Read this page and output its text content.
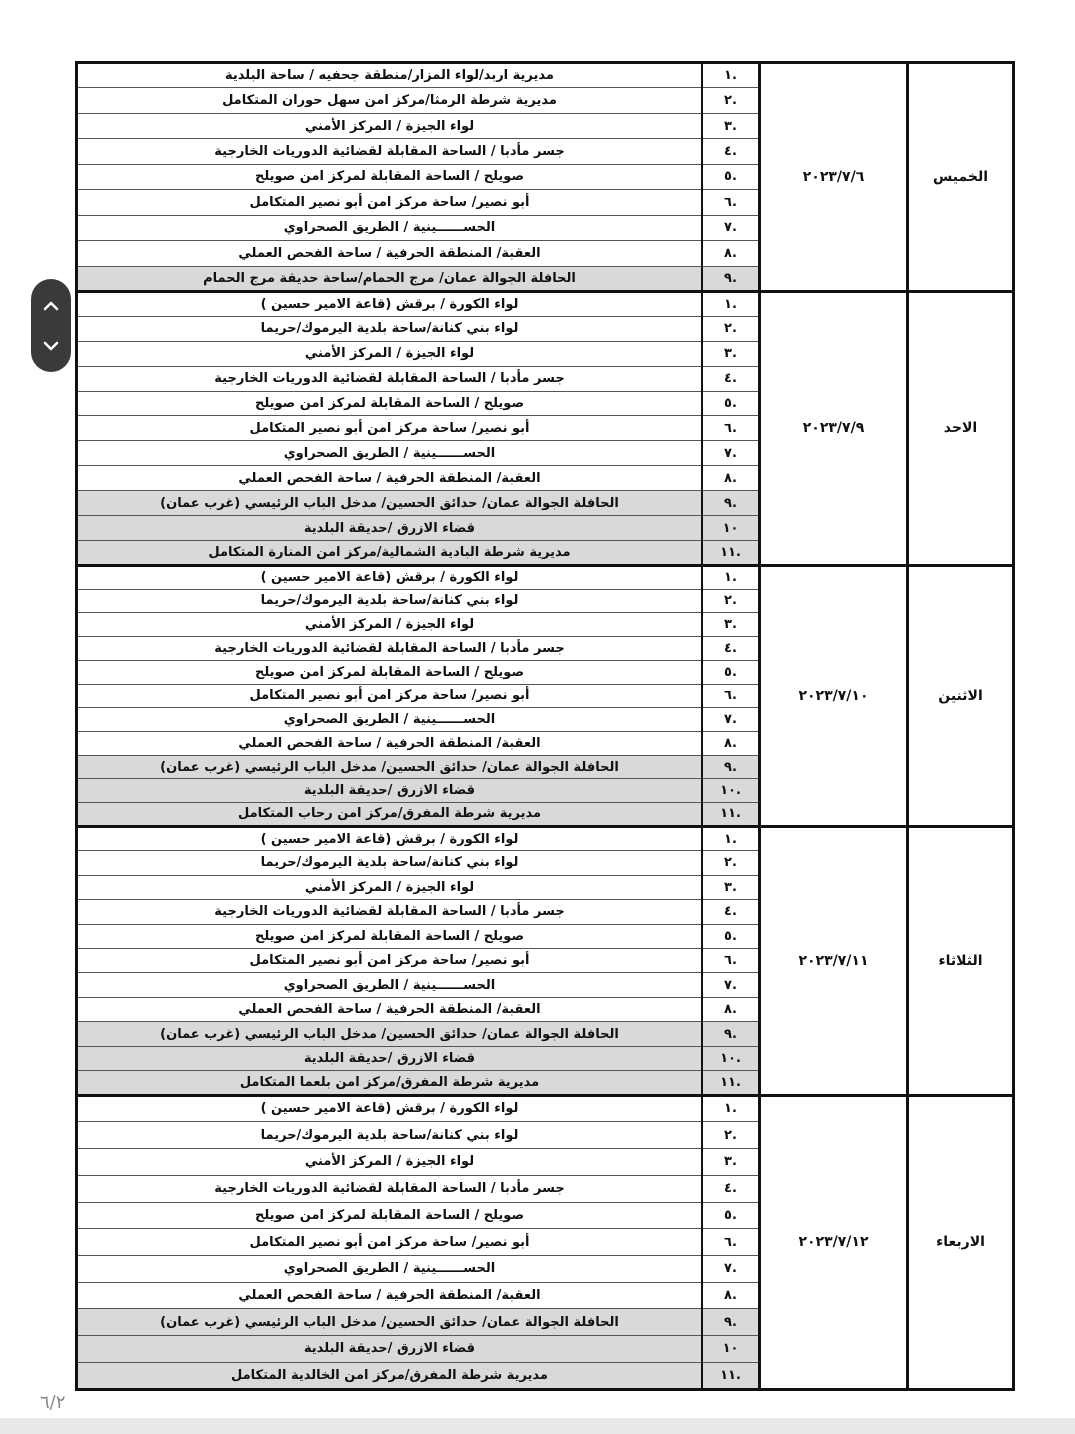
الخميس	٢٠٢٣/٧/٦	.١	مديرية اربد/لواء المزار/منطقة جحفيه / ساحة البلدية
		.٢	مديرية شرطة الرمثا/مركز امن سهل حوران المتكامل
		.٣	لواء الجيزة / المركز الأمني
		.٤	جسر مأدبا / الساحة المقابلة لقضائية الدوريات الخارجية
		.٥	صويلح / الساحة المقابلة لمركز امن صويلح
		.٦	أبو نصير/ ساحة مركز امن أبو نصير المتكامل
		.٧	الحســــــينية / الطريق الصحراوي
		.٨	العقبة/ المنطقة الحرفية / ساحة الفحص العملي
		.٩	الحافلة الجوالة عمان/ مرج الحمام/ساحة حديقة مرج الحمام
الاحد	٢٠٢٣/٧/٩	.١	لواء الكورة / برقش (قاعة الامير حسين )
		.٢	لواء بني كنانة/ساحة بلدية اليرموك/حريما
		.٣	لواء الجيزة / المركز الأمني
		.٤	جسر مأدبا / الساحة المقابلة لقضائية الدوريات الخارجية
		.٥	صويلح / الساحة المقابلة لمركز امن صويلح
		.٦	أبو نصير/ ساحة مركز امن أبو نصير المتكامل
		.٧	الحســــــينية / الطريق الصحراوي
		.٨	العقبة/ المنطقة الحرفية / ساحة الفحص العملي
		.٩	الحافلة الجوالة عمان/ حدائق الحسين/ مدخل الباب الرئيسي (غرب عمان)
		١٠	قضاء الازرق /حديقة البلدية
		.١١	مديرية شرطة البادية الشمالية/مركز امن المنارة المتكامل
الاثنين	٢٠٢٣/٧/١٠	.١	لواء الكورة / برقش (قاعة الامير حسين )
		.٢	لواء بني كنانة/ساحة بلدية اليرموك/حريما
		.٣	لواء الجيزة / المركز الأمني
		.٤	جسر مأدبا / الساحة المقابلة لقضائية الدوريات الخارجية
		.٥	صويلح / الساحة المقابلة لمركز امن صويلح
		.٦	أبو نصير/ ساحة مركز امن أبو نصير المتكامل
		.٧	الحســــــينية / الطريق الصحراوي
		.٨	العقبة/ المنطقة الحرفية / ساحة الفحص العملي
		.٩	الحافلة الجوالة عمان/ حدائق الحسين/ مدخل الباب الرئيسي (غرب عمان)
		.١٠	قضاء الازرق /حديقة البلدية
		.١١	مديرية شرطة المفرق/مركز امن رحاب المتكامل
الثلاثاء	٢٠٢٣/٧/١١	.١	لواء الكورة / برقش (قاعة الامير حسين )
		.٢	لواء بني كنانة/ساحة بلدية اليرموك/حريما
		.٣	لواء الجيزة / المركز الأمني
		.٤	جسر مأدبا / الساحة المقابلة لقضائية الدوريات الخارجية
		.٥	صويلح / الساحة المقابلة لمركز امن صويلح
		.٦	أبو نصير/ ساحة مركز امن أبو نصير المتكامل
		.٧	الحســــــينية / الطريق الصحراوي
		.٨	العقبة/ المنطقة الحرفية / ساحة الفحص العملي
		.٩	الحافلة الجوالة عمان/ حدائق الحسين/ مدخل الباب الرئيسي (غرب عمان)
		.١٠	قضاء الازرق /حديقة البلدية
		.١١	مديرية شرطة المفرق/مركز امن بلعما المتكامل
الاربعاء	٢٠٢٣/٧/١٢	.١	لواء الكورة / برقش (قاعة الامير حسين )
		.٢	لواء بني كنانة/ساحة بلدية اليرموك/حريما
		.٣	لواء الجيزة / المركز الأمني
		.٤	جسر مأدبا / الساحة المقابلة لقضائية الدوريات الخارجية
		.٥	صويلح / الساحة المقابلة لمركز امن صويلح
		.٦	أبو نصير/ ساحة مركز امن أبو نصير المتكامل
		.٧	الحســــــينية / الطريق الصحراوي
		.٨	العقبة/ المنطقة الحرفية / ساحة الفحص العملي
		.٩	الحافلة الجوالة عمان/ حدائق الحسين/ مدخل الباب الرئيسي (غرب عمان)
		١٠	قضاء الازرق /حديقة البلدية
		.١١	مديرية شرطة المفرق/مركز امن الخالدية المتكامل
٦/٢
